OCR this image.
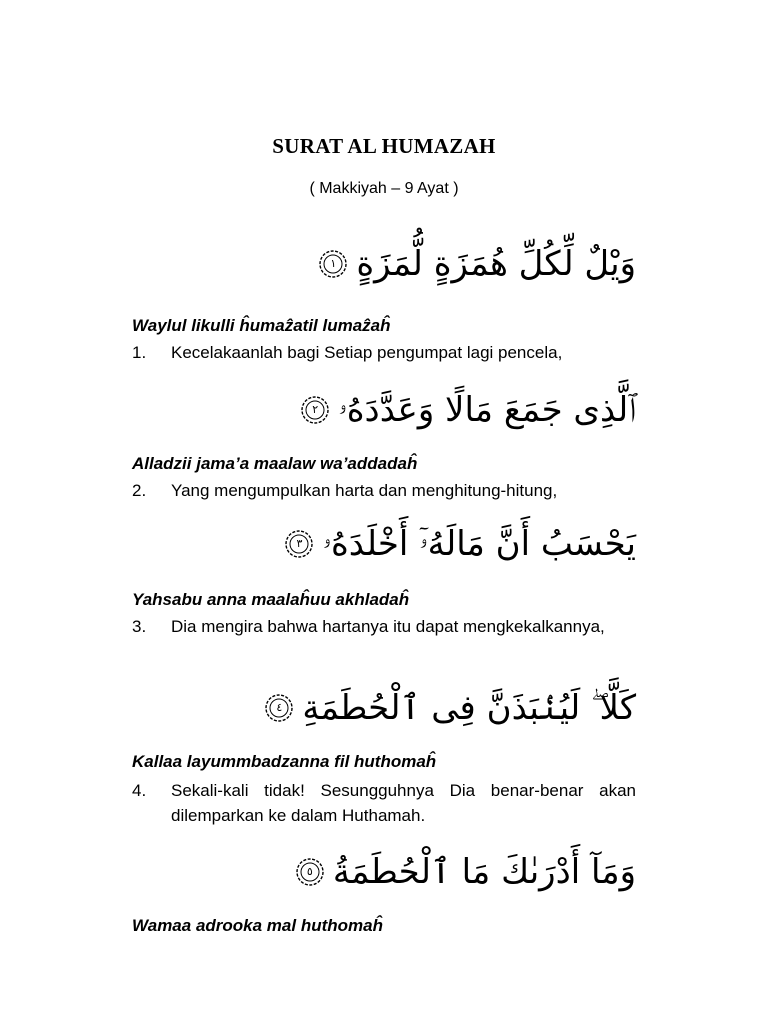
SURAT AL HUMAZAH
( Makkiyah – 9 Ayat )
وَيْلٌ لِّكُلِّ هُمَزَةٍ لُّمَزَةٍ
١
Waylul likulli ĥumaẑatil lumaẑaĥ
1. Kecelakaanlah bagi Setiap pengumpat lagi pencela,
ٱلَّذِى جَمَعَ مَالًا وَعَدَّدَهُۥ
٢
Alladzii jama’a maalaw wa’addadaĥ
2. Yang mengumpulkan harta dan menghitung-hitung,
يَحْسَبُ أَنَّ مَالَهُۥٓ أَخْلَدَهُۥ
٣
Yahsabu anna maalaĥuu akhladaĥ
3. Dia mengira bahwa hartanya itu dapat mengkekalkannya,
كَلَّا ۖ لَيُنۢبَذَنَّ فِى ٱلْحُطَمَةِ
٤
Kallaa layummbadzanna fil huthomaĥ
4. Sekali-kali tidak! Sesungguhnya Dia benar-benar akan dilemparkan ke dalam Huthamah.
وَمَآ أَدْرَىٰكَ مَا ٱلْحُطَمَةُ
٥
Wamaa adrooka mal huthomaĥ
